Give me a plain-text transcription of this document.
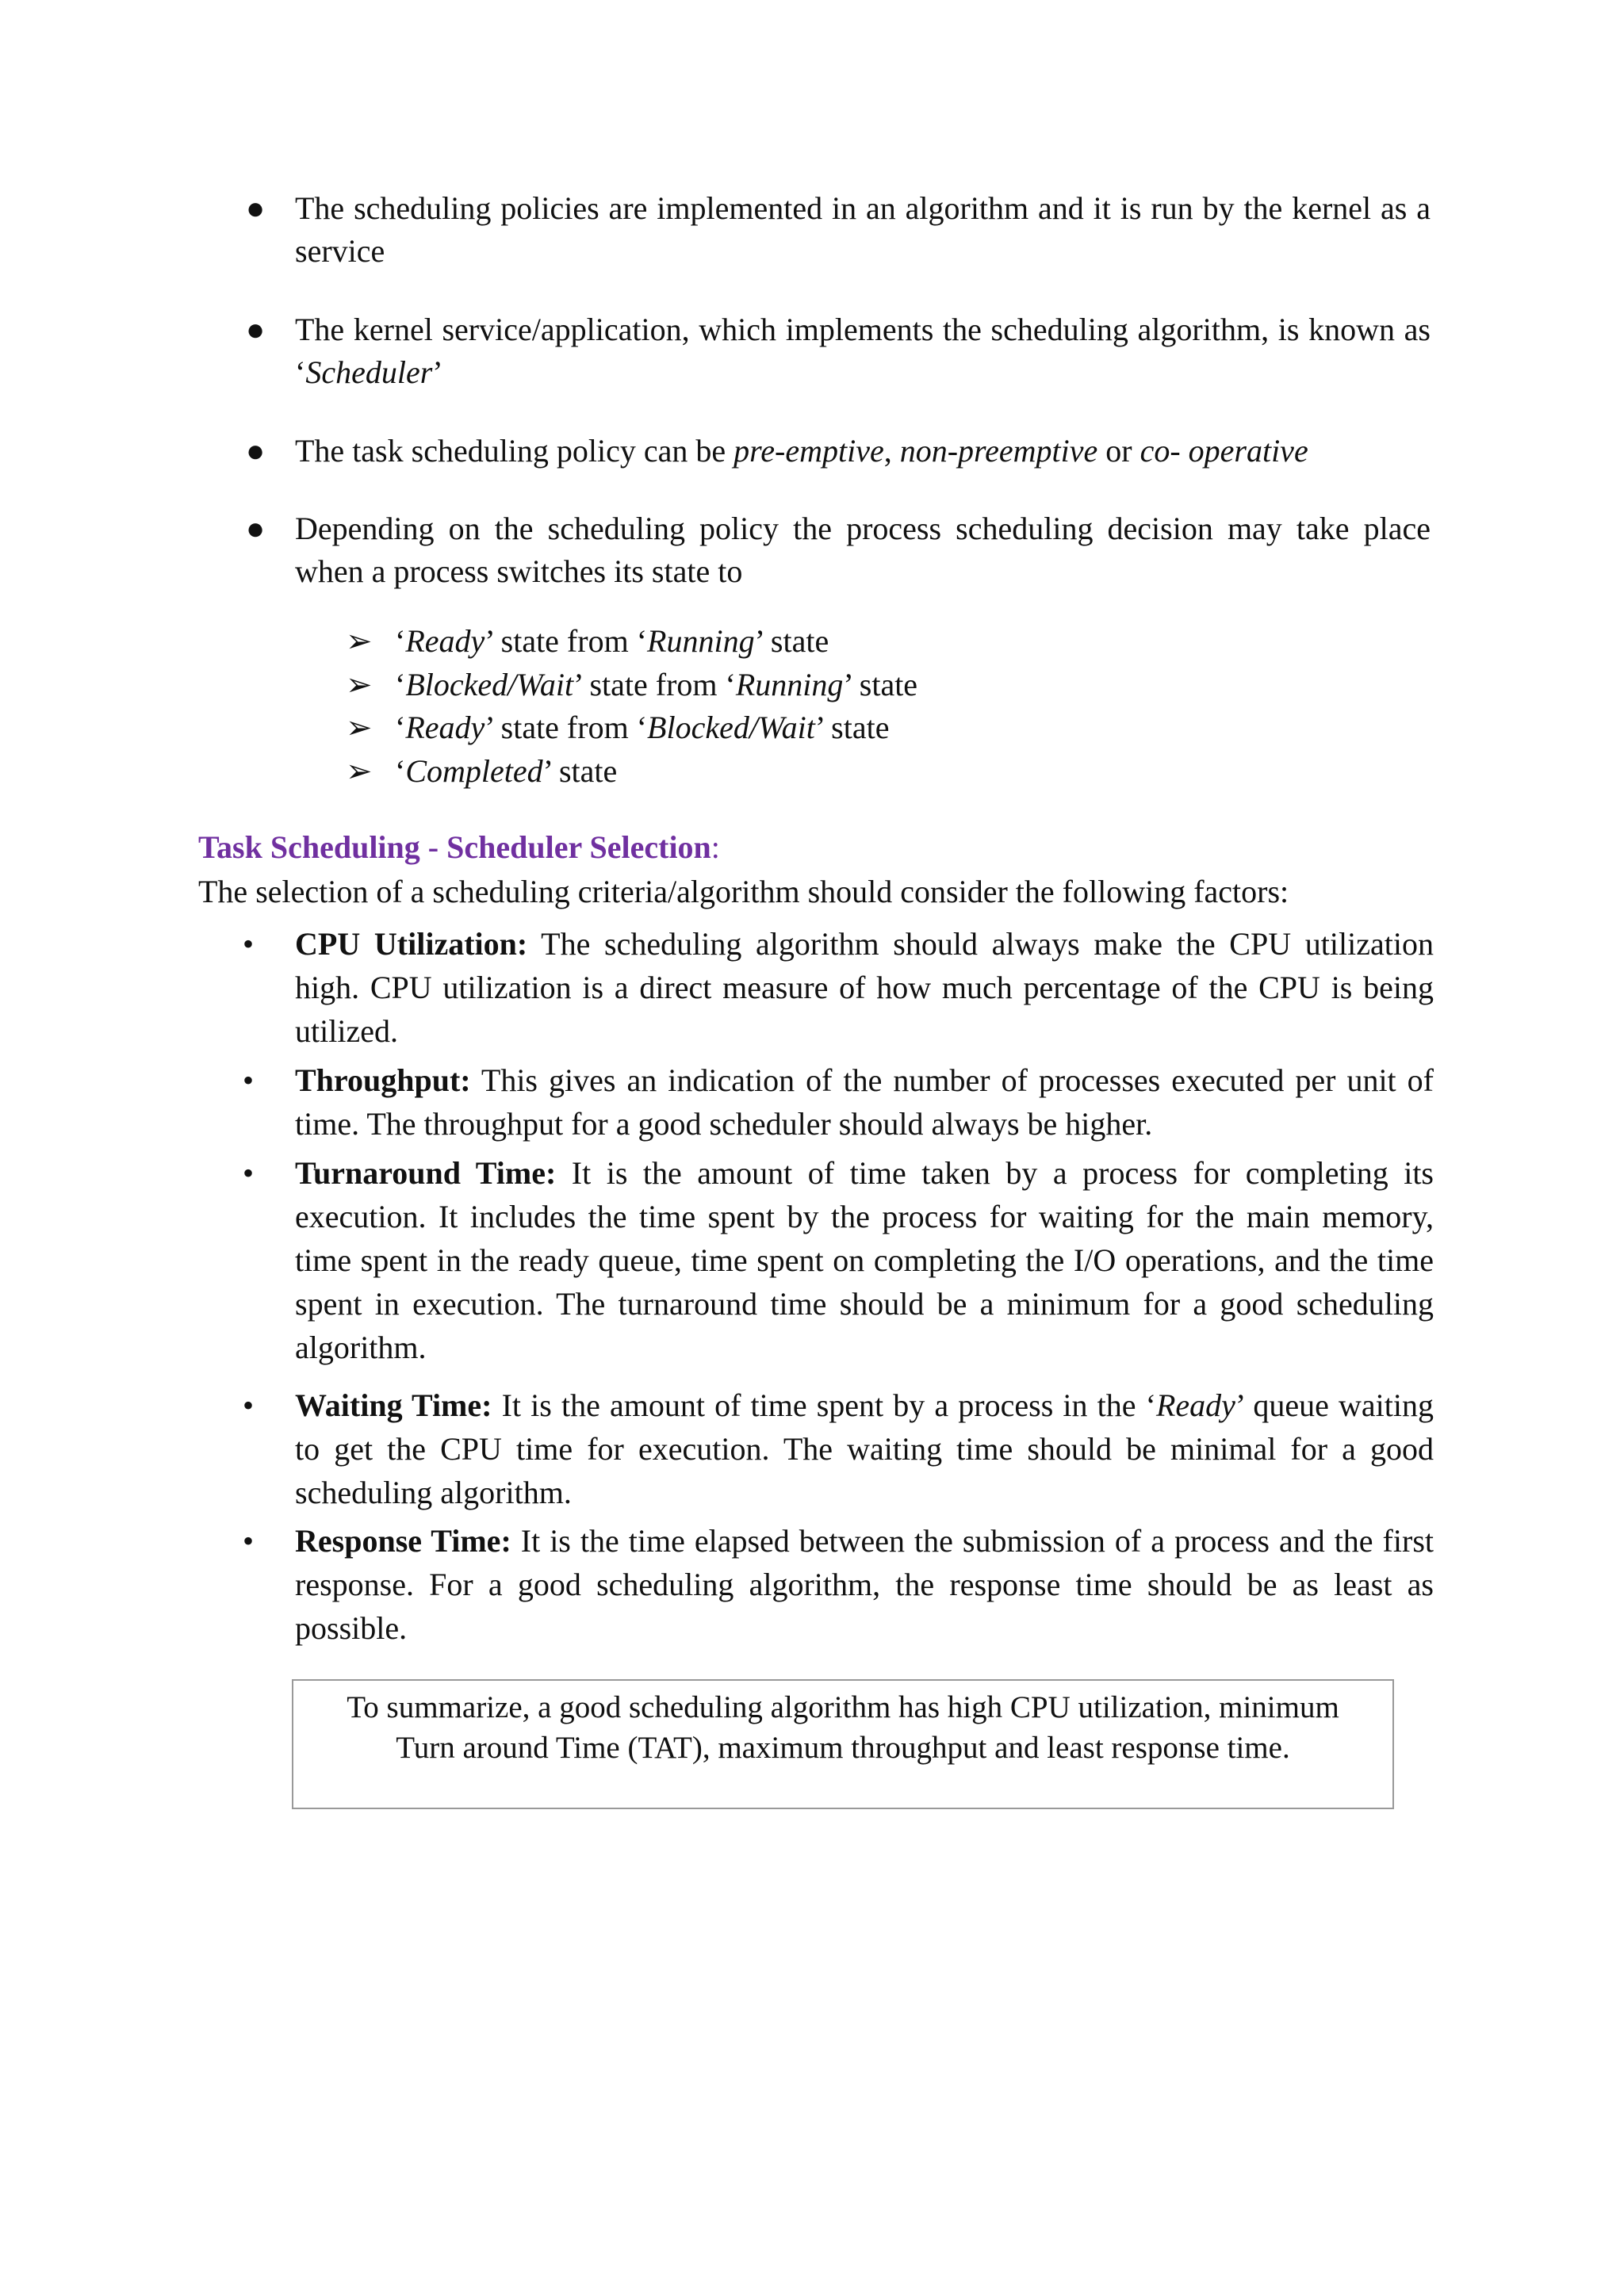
● The scheduling policies are implemented in an algorithm and it is run by the kernel as a service
● The kernel service/application, which implements the scheduling algorithm, is known as ‘Scheduler’
● The task scheduling policy can be pre-emptive, non-preemptive or co- operative
● Depending on the scheduling policy the process scheduling decision may take place when a process switches its state to
➢ ‘Ready’ state from ‘Running’ state
➢ ‘Blocked/Wait’ state from ‘Running’ state
➢ ‘Ready’ state from ‘Blocked/Wait’ state
➢ ‘Completed’ state
Task Scheduling - Scheduler Selection:
The selection of a scheduling criteria/algorithm should consider the following factors:
• CPU Utilization: The scheduling algorithm should always make the CPU utilization high. CPU utilization is a direct measure of how much percentage of the CPU is being utilized.
• Throughput: This gives an indication of the number of processes executed per unit of time. The throughput for a good scheduler should always be higher.
• Turnaround Time: It is the amount of time taken by a process for completing its execution. It includes the time spent by the process for waiting for the main memory, time spent in the ready queue, time spent on completing the I/O operations, and the time spent in execution. The turnaround time should be a minimum for a good scheduling algorithm.
• Waiting Time: It is the amount of time spent by a process in the ‘Ready’ queue waiting to get the CPU time for execution. The waiting time should be minimal for a good scheduling algorithm.
• Response Time: It is the time elapsed between the submission of a process and the first response. For a good scheduling algorithm, the response time should be as least as possible.
To summarize, a good scheduling algorithm has high CPU utilization, minimum
Turn around Time (TAT), maximum throughput and least response time.
